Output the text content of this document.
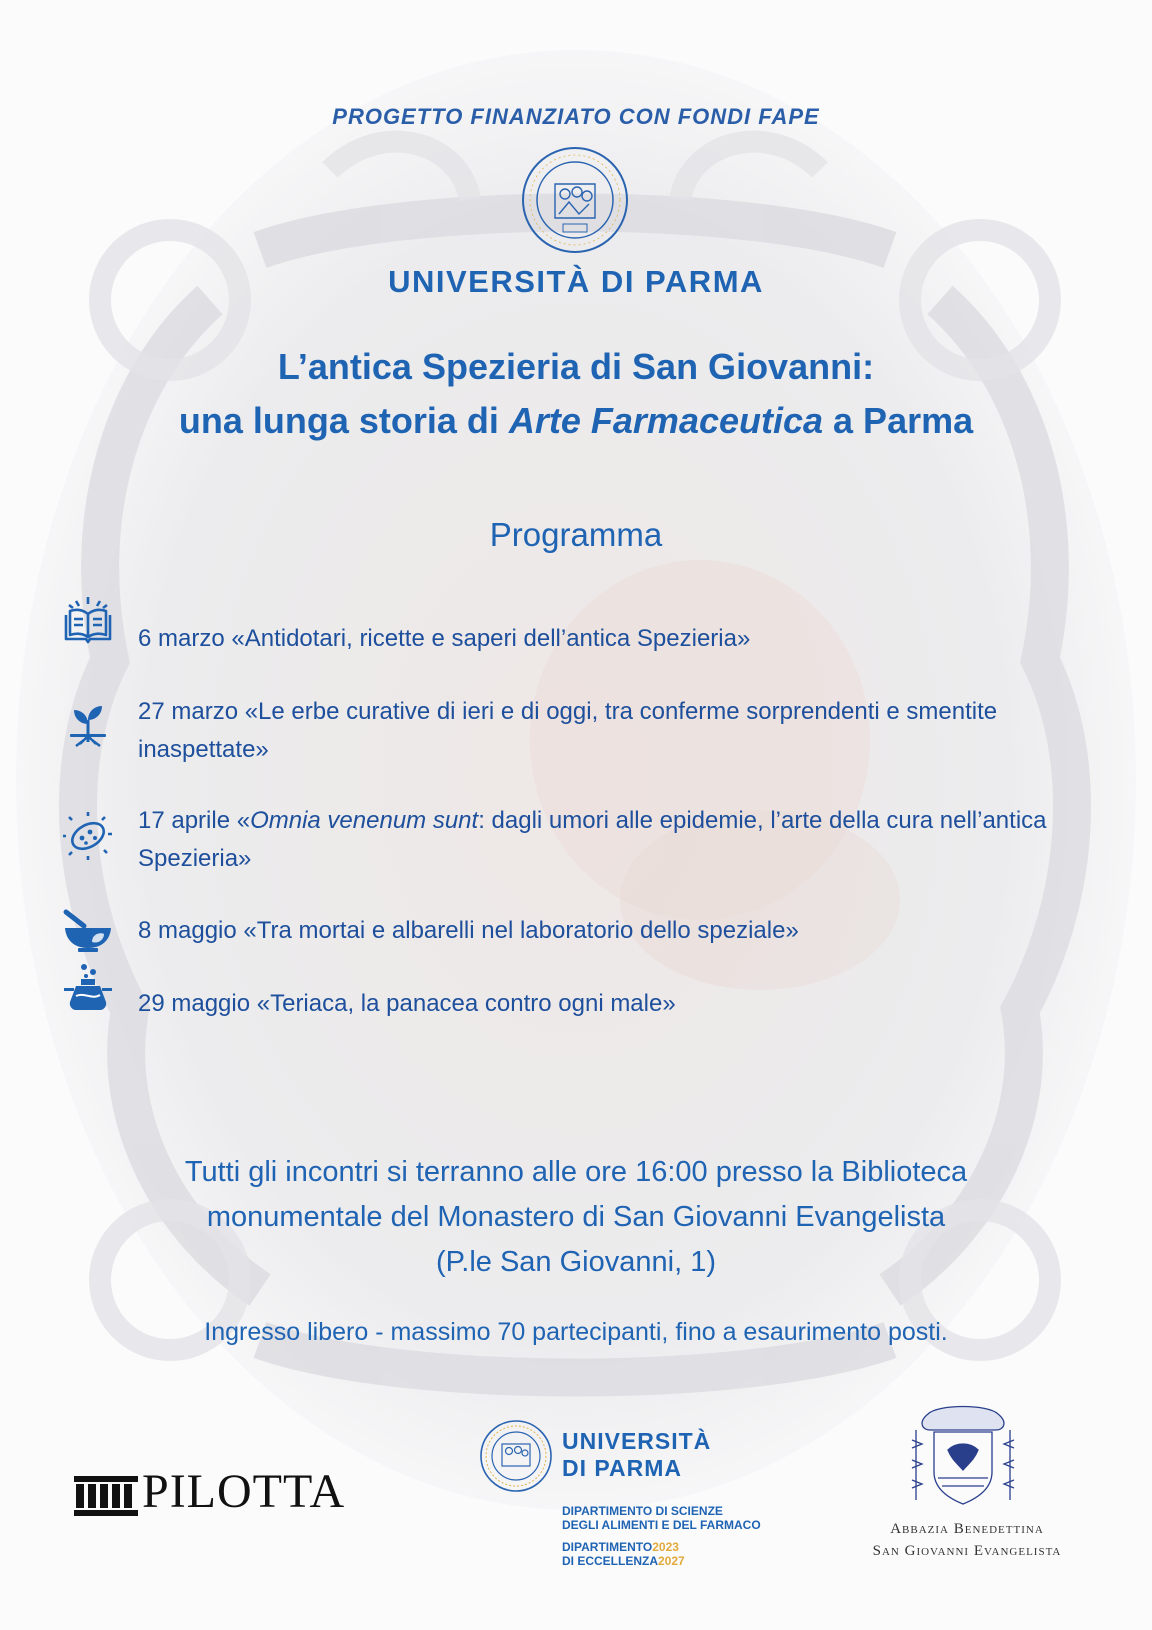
PROGETTO FINANZIATO CON FONDI FAPE
UNIVERSITÀ DI PARMA
L’antica Spezieria di San Giovanni:
una lunga storia di Arte Farmaceutica a Parma
Programma
6 marzo «Antidotari, ricette e saperi dell’antica Spezieria»
27 marzo «Le erbe curative di ieri e di oggi, tra conferme sorprendenti e smentite inaspettate»
17 aprile «Omnia venenum sunt: dagli umori alle epidemie, l’arte della cura nell’antica Spezieria»
8 maggio «Tra mortai e albarelli nel laboratorio dello speziale»
29 maggio «Teriaca, la panacea contro ogni male»
Tutti gli incontri si terranno alle ore 16:00 presso la Biblioteca
monumentale del Monastero di San Giovanni Evangelista
(P.le San Giovanni, 1)
Ingresso libero - massimo 70 partecipanti, fino a esaurimento posti.
PILOTTA
UNIVERSITÀ
DI PARMA
DIPARTIMENTO DI SCIENZE
DEGLI ALIMENTI E DEL FARMACO
DIPARTIMENTO2023
DI ECCELLENZA2027
Abbazia Benedettina
San Giovanni Evangelista
